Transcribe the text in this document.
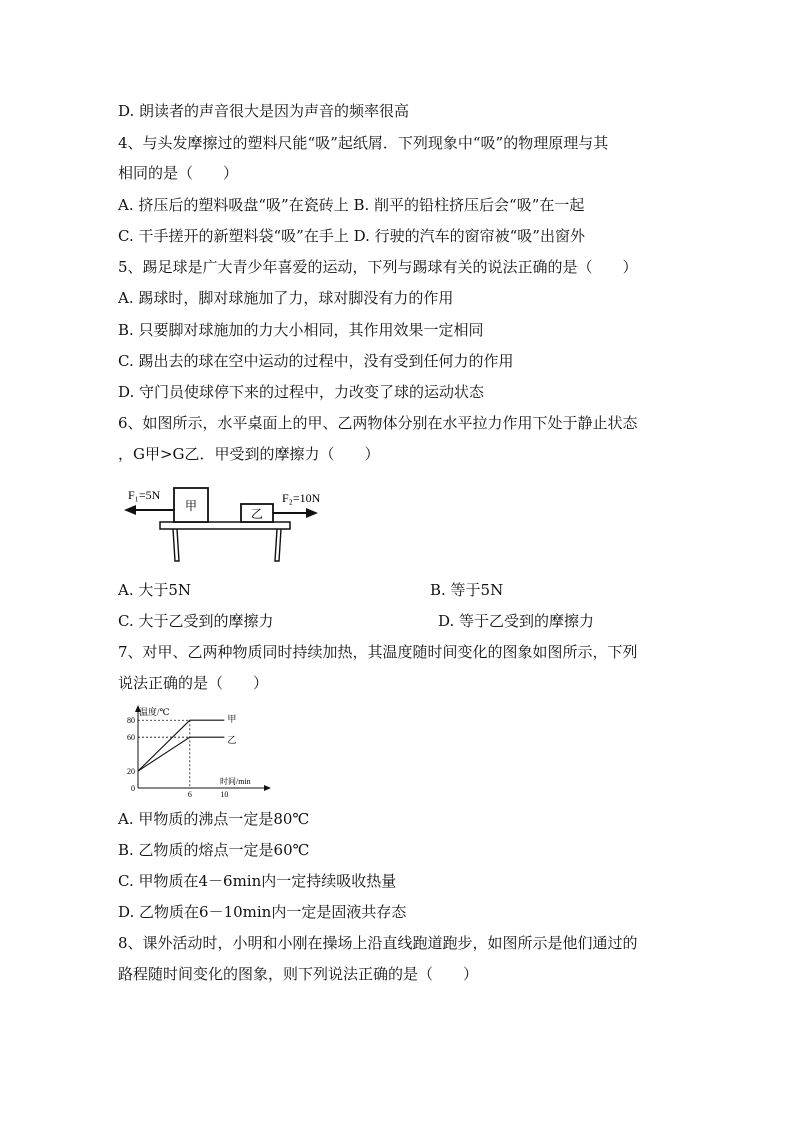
D. 朗读者的声音很大是因为声音的频率很高
4、与头发摩擦过的塑料尺能“吸”起纸屑．下列现象中“吸”的物理原理与其
相同的是（　　）
A. 挤压后的塑料吸盘“吸”在瓷砖上 B. 削平的铅柱挤压后会“吸”在一起
C. 干手搓开的新塑料袋“吸”在手上 D. 行驶的汽车的窗帘被“吸”出窗外
5、踢足球是广大青少年喜爱的运动，下列与踢球有关的说法正确的是（　　）
A. 踢球时，脚对球施加了力，球对脚没有力的作用
B. 只要脚对球施加的力大小相同，其作用效果一定相同
C. 踢出去的球在空中运动的过程中，没有受到任何力的作用
D. 守门员使球停下来的过程中，力改变了球的运动状态
6、如图所示，水平桌面上的甲、乙两物体分别在水平拉力作用下处于静止状态
，G甲>G乙．甲受到的摩擦力（　　）
甲
乙
F₁=5N	F₂=10N
A. 大于5N	B. 等于5N
C. 大于乙受到的摩擦力	D. 等于乙受到的摩擦力
7、对甲、乙两种物质同时持续加热，其温度随时间变化的图象如图所示，下列
说法正确的是（　　）
80
60
20
0
6	10
甲
乙
温度/℃
时间/min
A. 甲物质的沸点一定是80℃
B. 乙物质的熔点一定是60℃
C. 甲物质在4－6min内一定持续吸收热量
D. 乙物质在6－10min内一定是固液共存态
8、课外活动时，小明和小刚在操场上沿直线跑道跑步，如图所示是他们通过的
路程随时间变化的图象，则下列说法正确的是（　　）
